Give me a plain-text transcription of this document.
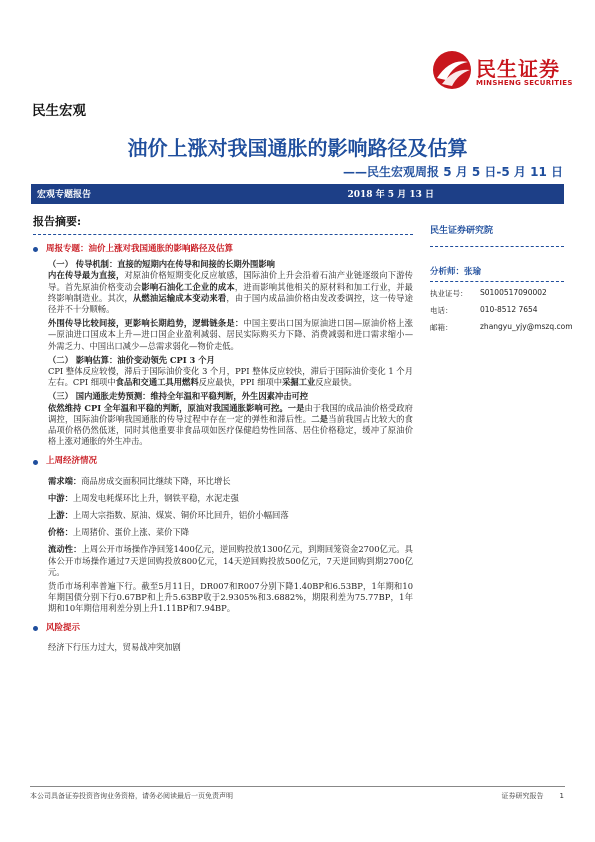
民生证券
MINSHENG SECURITIES
民生宏观
油价上涨对我国通胀的影响路径及估算
——民生宏观周报 5 月 5 日-5 月 11 日
宏观专题报告	2018 年 5 月 13 日
报告摘要:
周报专题： 油价上涨对我国通胀的影响路径及估算
（一） 传导机制：直接的短期内在传导和间接的长期外围影响
内在传导最为直接，对原油价格短期变化反应敏感，国际油价上升会沿着石油产业链逐级向下游传导。首先原油价格变动会影响石油化工企业的成本，进而影响其他相关的原材料和加工行业，并最终影响制造业。其次，从燃油运输成本变动来看，由于国内成品油价格由发改委调控，这一传导途径并不十分顺畅。
外围传导比较间接，更影响长期趋势，逻辑链条是：中国主要出口国为原油进口国—原油价格上涨—原油进口国成本上升—进口国企业盈利减弱、居民实际购买力下降、消费减弱和进口需求缩小—外需乏力、中国出口减少—总需求弱化—物价走低。
（二） 影响估算：油价变动领先 CPI 3 个月
CPI 整体反应较慢，滞后于国际油价变化 3 个月，PPI 整体反应较快，滞后于国际油价变化 1 个月左右。CPI 细项中食品和交通工具用燃料反应最快，PPI 细项中采掘工业反应最快。
（三） 国内通胀走势预测：维持全年温和平稳判断，外生因素冲击可控
依然维持 CPI 全年温和平稳的判断，原油对我国通胀影响可控。一是由于我国的成品油价格受政府调控，国际油价影响我国通胀的传导过程中存在一定的弹性和滞后性。二是当前我国占比较大的食品项价格仍然低迷，同时其他重要非食品项如医疗保健趋势性回落、居住价格稳定，缓冲了原油价格上涨对通胀的外生冲击。
上周经济情况
需求端：商品房成交面积同比继续下降，环比增长
中游：上周发电耗煤环比上升，钢铁平稳，水泥走强
上游：上周大宗指数、原油、煤炭、铜价环比回升，铝价小幅回落
价格：上周猪价、蛋价上涨、菜价下降
流动性：上周公开市场操作净回笼1400亿元，逆回购投放1300亿元，到期回笼资金2700亿元。具体公开市场操作通过7天逆回购投放800亿元，14天逆回购投放500亿元，7天逆回购到期2700亿元。
货币市场利率普遍下行。截至5月11日，DR007和R007分别下降1.40BP和6.53BP，1年期和10年期国债分别下行0.67BP和上升5.63BP收于2.9305%和3.6882%，期限利差为75.77BP，1年期和10年期信用利差分别上升1.11BP和7.94BP。
风险提示
经济下行压力过大，贸易战冲突加剧
民生证券研究院
分析师：张瑜
执业证号：	S0100517090002
电话：	010-8512 7654
邮箱：	zhangyu_yjy@mszq.com
本公司具备证券投资咨询业务资格，请务必阅读最后一页免责声明	证券研究报告 1
